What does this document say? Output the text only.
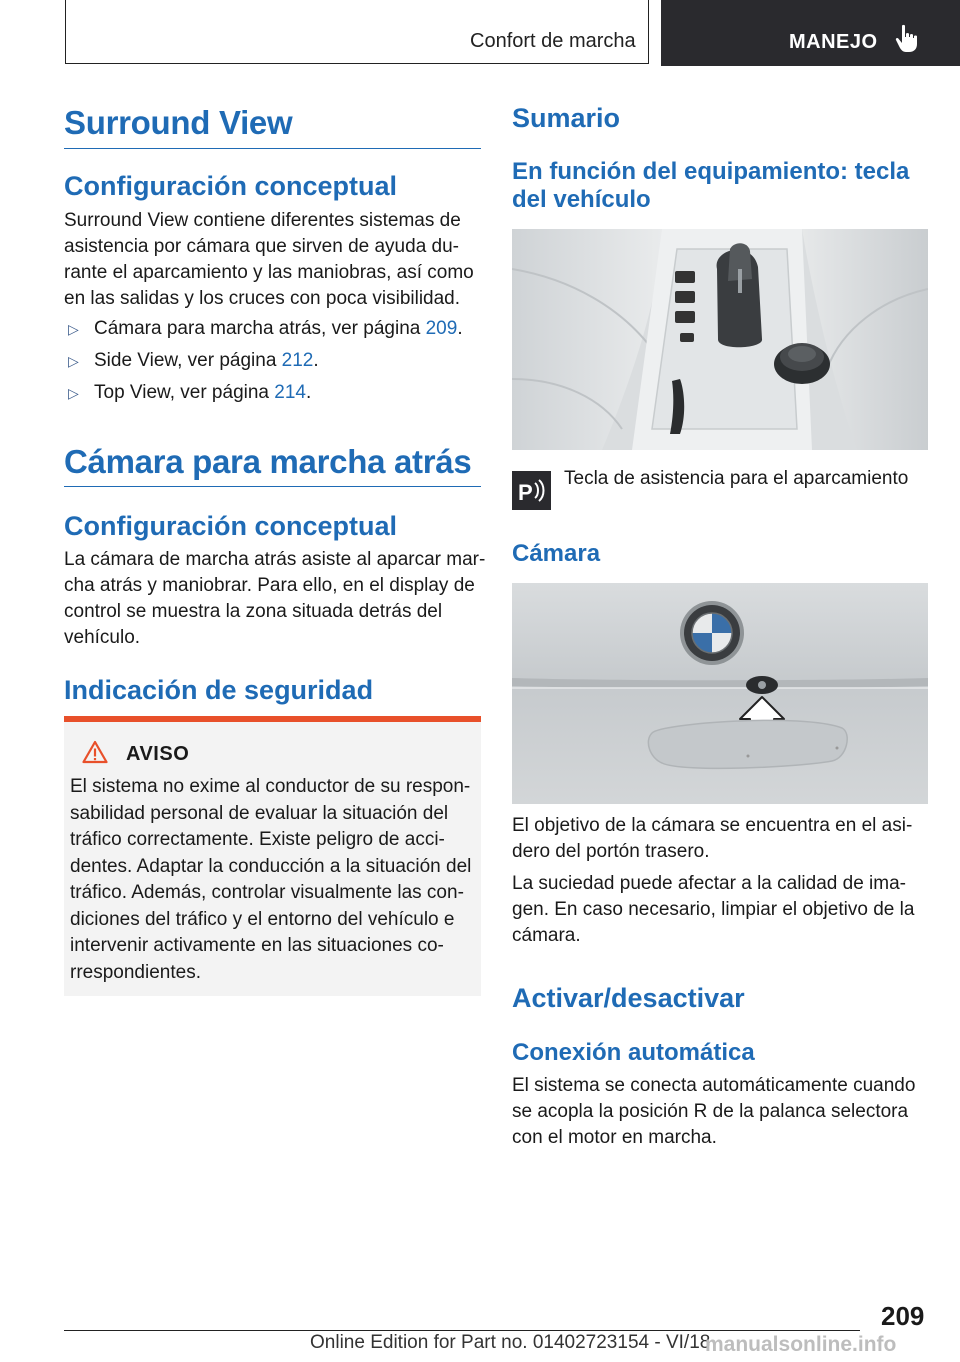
Confort de marcha	MANEJO
Surround View
Configuración conceptual
Surround View contiene diferentes sistemas de
asistencia por cámara que sirven de ayuda du‐
rante el aparcamiento y las maniobras, así como
en las salidas y los cruces con poca visibilidad.
▷ Cámara para marcha atrás, ver página 209.
▷ Side View, ver página 212.
▷ Top View, ver página 214.
Cámara para marcha atrás
Configuración conceptual
La cámara de marcha atrás asiste al aparcar mar‐
cha atrás y maniobrar. Para ello, en el display de
control se muestra la zona situada detrás del
vehículo.
Indicación de seguridad
AVISO
El sistema no exime al conductor de su respon‐
sabilidad personal de evaluar la situación del
tráfico correctamente. Existe peligro de acci‐
dentes. Adaptar la conducción a la situación del
tráfico. Además, controlar visualmente las con‐
diciones del tráfico y el entorno del vehículo e
intervenir activamente en las situaciones co‐
rrespondientes.
Sumario
En función del equipamiento: tecla
del vehículo
P
Tecla de asistencia para el aparcamiento
Cámara
El objetivo de la cámara se encuentra en el asi‐
dero del portón trasero.
La suciedad puede afectar a la calidad de ima‐
gen. En caso necesario, limpiar el objetivo de la
cámara.
Activar/desactivar
Conexión automática
El sistema se conecta automáticamente cuando
se acopla la posición R de la palanca selectora
con el motor en marcha.
209
Online Edition for Part no. 01402723154 - VI/18
manualsonline.info
